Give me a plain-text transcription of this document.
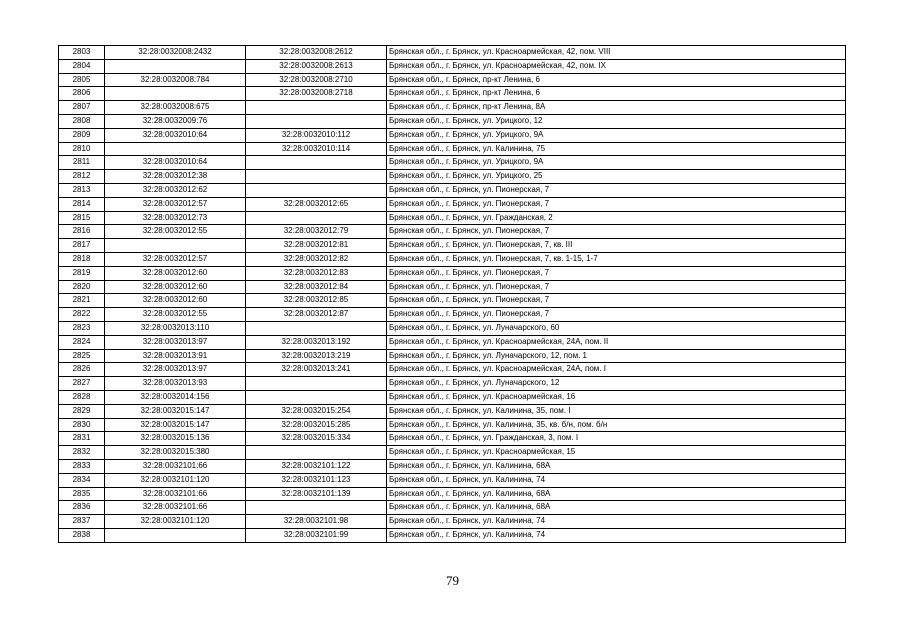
2803	32:28:0032008:2432	32:28:0032008:2612	Брянская обл., г. Брянск, ул. Красноармейская, 42, пом. VIII
2804		32:28:0032008:2613	Брянская обл., г. Брянск, ул. Красноармейская, 42, пом. IX
2805	32:28:0032008:784	32:28:0032008:2710	Брянская обл., г. Брянск, пр-кт Ленина, 6
2806		32:28:0032008:2718	Брянская обл., г. Брянск, пр-кт Ленина, 6
2807	32:28:0032008:675		Брянская обл., г. Брянск, пр-кт Ленина, 8А
2808	32:28:0032009:76		Брянская обл., г. Брянск, ул. Урицкого, 12
2809	32:28:0032010:64	32:28:0032010:112	Брянская обл., г. Брянск, ул. Урицкого, 9А
2810		32:28:0032010:114	Брянская обл., г. Брянск, ул. Калинина, 75
2811	32:28:0032010:64		Брянская обл., г. Брянск, ул. Урицкого, 9А
2812	32:28:0032012:38		Брянская обл., г. Брянск, ул. Урицкого, 25
2813	32:28:0032012:62		Брянская обл., г. Брянск, ул. Пионерская, 7
2814	32:28:0032012:57	32:28:0032012:65	Брянская обл., г. Брянск, ул. Пионерская, 7
2815	32:28:0032012:73		Брянская обл., г. Брянск, ул. Гражданская, 2
2816	32:28:0032012:55	32:28:0032012:79	Брянская обл., г. Брянск, ул. Пионерская, 7
2817		32:28:0032012:81	Брянская обл., г. Брянск, ул. Пионерская, 7, кв. III
2818	32:28:0032012:57	32:28:0032012:82	Брянская обл., г. Брянск, ул. Пионерская, 7, кв. 1-15, 1-7
2819	32:28:0032012:60	32:28:0032012:83	Брянская обл., г. Брянск, ул. Пионерская, 7
2820	32:28:0032012:60	32:28:0032012:84	Брянская обл., г. Брянск, ул. Пионерская, 7
2821	32:28:0032012:60	32:28:0032012:85	Брянская обл., г. Брянск, ул. Пионерская, 7
2822	32:28:0032012:55	32:28:0032012:87	Брянская обл., г. Брянск, ул. Пионерская, 7
2823	32:28:0032013:110		Брянская обл., г. Брянск, ул. Луначарского, 60
2824	32:28:0032013:97	32:28:0032013:192	Брянская обл., г. Брянск, ул. Красноармейская, 24А, пом. II
2825	32:28:0032013:91	32:28:0032013:219	Брянская обл., г. Брянск, ул. Луначарского, 12, пом. 1
2826	32:28:0032013:97	32:28:0032013:241	Брянская обл., г. Брянск, ул. Красноармейская, 24А, пом. I
2827	32:28:0032013:93		Брянская обл., г. Брянск, ул. Луначарского, 12
2828	32:28:0032014:156		Брянская обл., г. Брянск, ул. Красноармейская, 16
2829	32:28:0032015:147	32:28:0032015:254	Брянская обл., г. Брянск, ул. Калинина, 35, пом. I
2830	32:28:0032015:147	32:28:0032015:285	Брянская обл., г. Брянск, ул. Калинина, 35, кв. б/н, пом. б/н
2831	32:28:0032015:136	32:28:0032015:334	Брянская обл., г. Брянск, ул. Гражданская, 3, пом. I
2832	32:28:0032015:380		Брянская обл., г. Брянск, ул. Красноармейская, 15
2833	32:28:0032101:66	32:28:0032101:122	Брянская обл., г. Брянск, ул. Калинина, 68А
2834	32:28:0032101:120	32:28:0032101:123	Брянская обл., г. Брянск, ул. Калинина, 74
2835	32:28:0032101:66	32:28:0032101:139	Брянская обл., г. Брянск, ул. Калинина, 68А
2836	32:28:0032101:66		Брянская обл., г. Брянск, ул. Калинина, 68А
2837	32:28:0032101:120	32:28:0032101:98	Брянская обл., г. Брянск, ул. Калинина, 74
2838		32:28:0032101:99	Брянская обл., г. Брянск, ул. Калинина, 74
79
